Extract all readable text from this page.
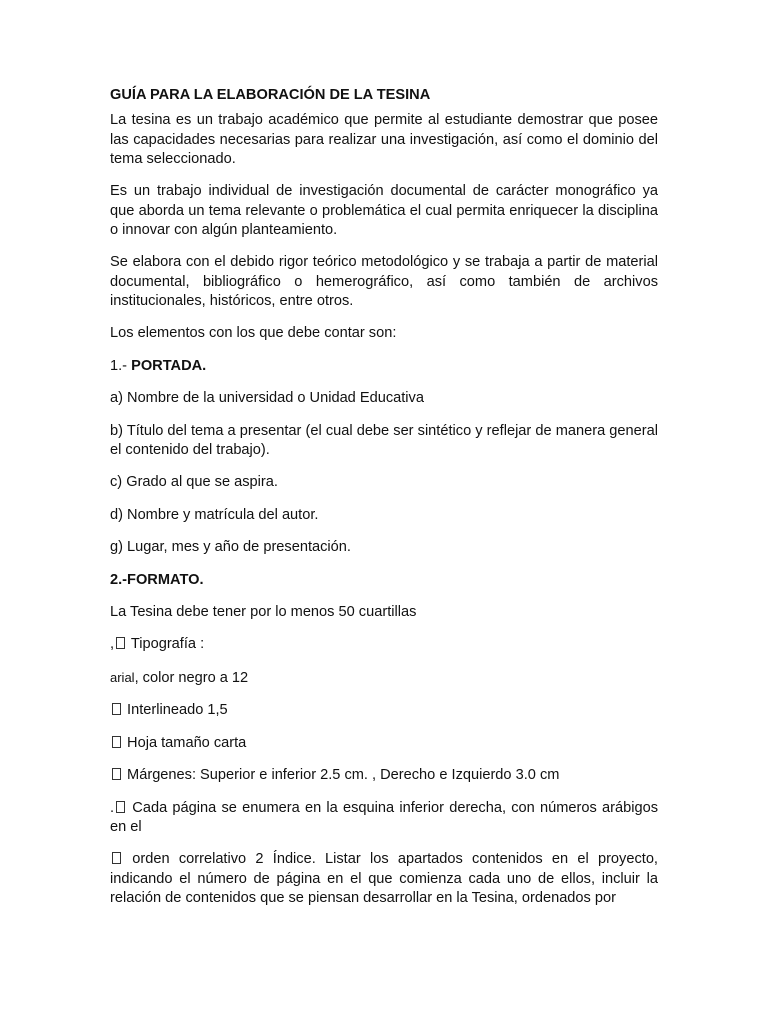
GUÍA PARA LA ELABORACIÓN DE LA TESINA

La tesina es un trabajo académico que permite al estudiante demostrar que posee las capacidades necesarias para realizar una investigación, así como el dominio del tema seleccionado.

Es un trabajo individual de investigación documental de carácter monográfico ya que aborda un tema relevante o problemática el cual permita enriquecer la disciplina o innovar con algún planteamiento.

Se elabora con el debido rigor teórico metodológico y se trabaja a partir de material documental, bibliográfico o hemerográfico, así como también de archivos institucionales, históricos, entre otros.

Los elementos con los que debe contar son:

1.- PORTADA.

a) Nombre de la universidad o Unidad Educativa

b) Título del tema a presentar (el cual debe ser sintético y reflejar de manera general el contenido del trabajo).

c) Grado al que se aspira.

d) Nombre y matrícula del autor.

g) Lugar, mes y año de presentación.

2.-FORMATO.

La Tesina debe tener por lo menos 50 cuartillas

, Tipografía :

arial, color negro a 12

Interlineado 1,5

Hoja tamaño carta

Márgenes: Superior e inferior 2.5 cm. , Derecho e Izquierdo 3.0 cm

. Cada página se enumera en la esquina inferior derecha, con números arábigos en el

orden correlativo 2 Índice. Listar los apartados contenidos en el proyecto, indicando el número de página en el que comienza cada uno de ellos, incluir la relación de contenidos que se piensan desarrollar en la Tesina, ordenados por
